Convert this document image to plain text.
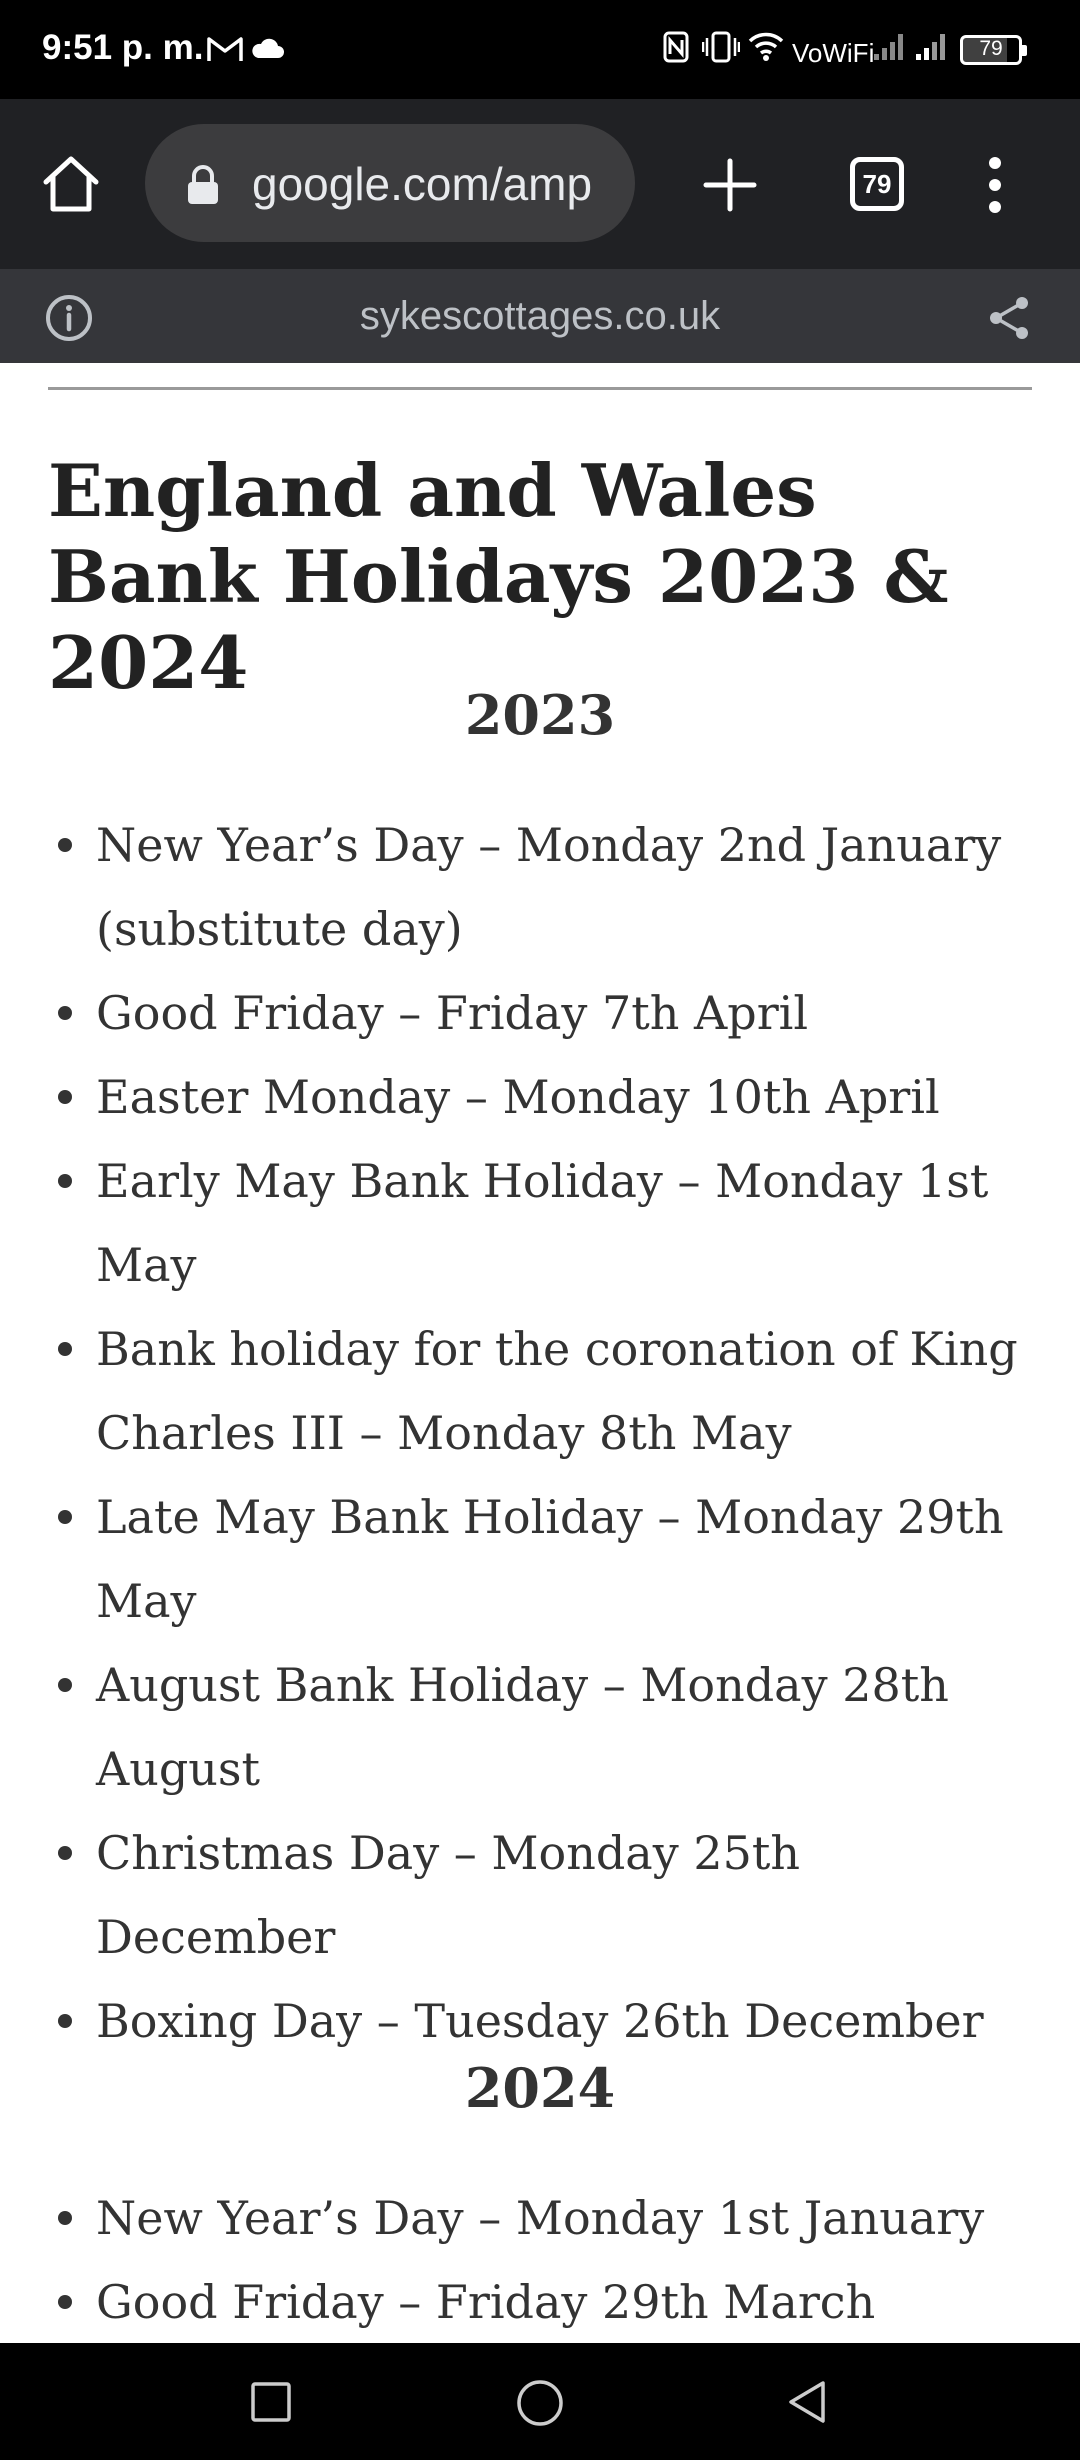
9:51 p. m.	VoWiFi	79
google.com/amp	79
sykescottages.co.uk
England and Wales Bank Holidays 2023 & 2024
2023
New Year’s Day – Monday 2nd January (substitute day)
Good Friday – Friday 7th April
Easter Monday – Monday 10th April
Early May Bank Holiday – Monday 1st May
Bank holiday for the coronation of King Charles III – Monday 8th May
Late May Bank Holiday – Monday 29th May
August Bank Holiday – Monday 28th August
Christmas Day – Monday 25th December
Boxing Day – Tuesday 26th December
2024
New Year’s Day – Monday 1st January
Good Friday – Friday 29th March
